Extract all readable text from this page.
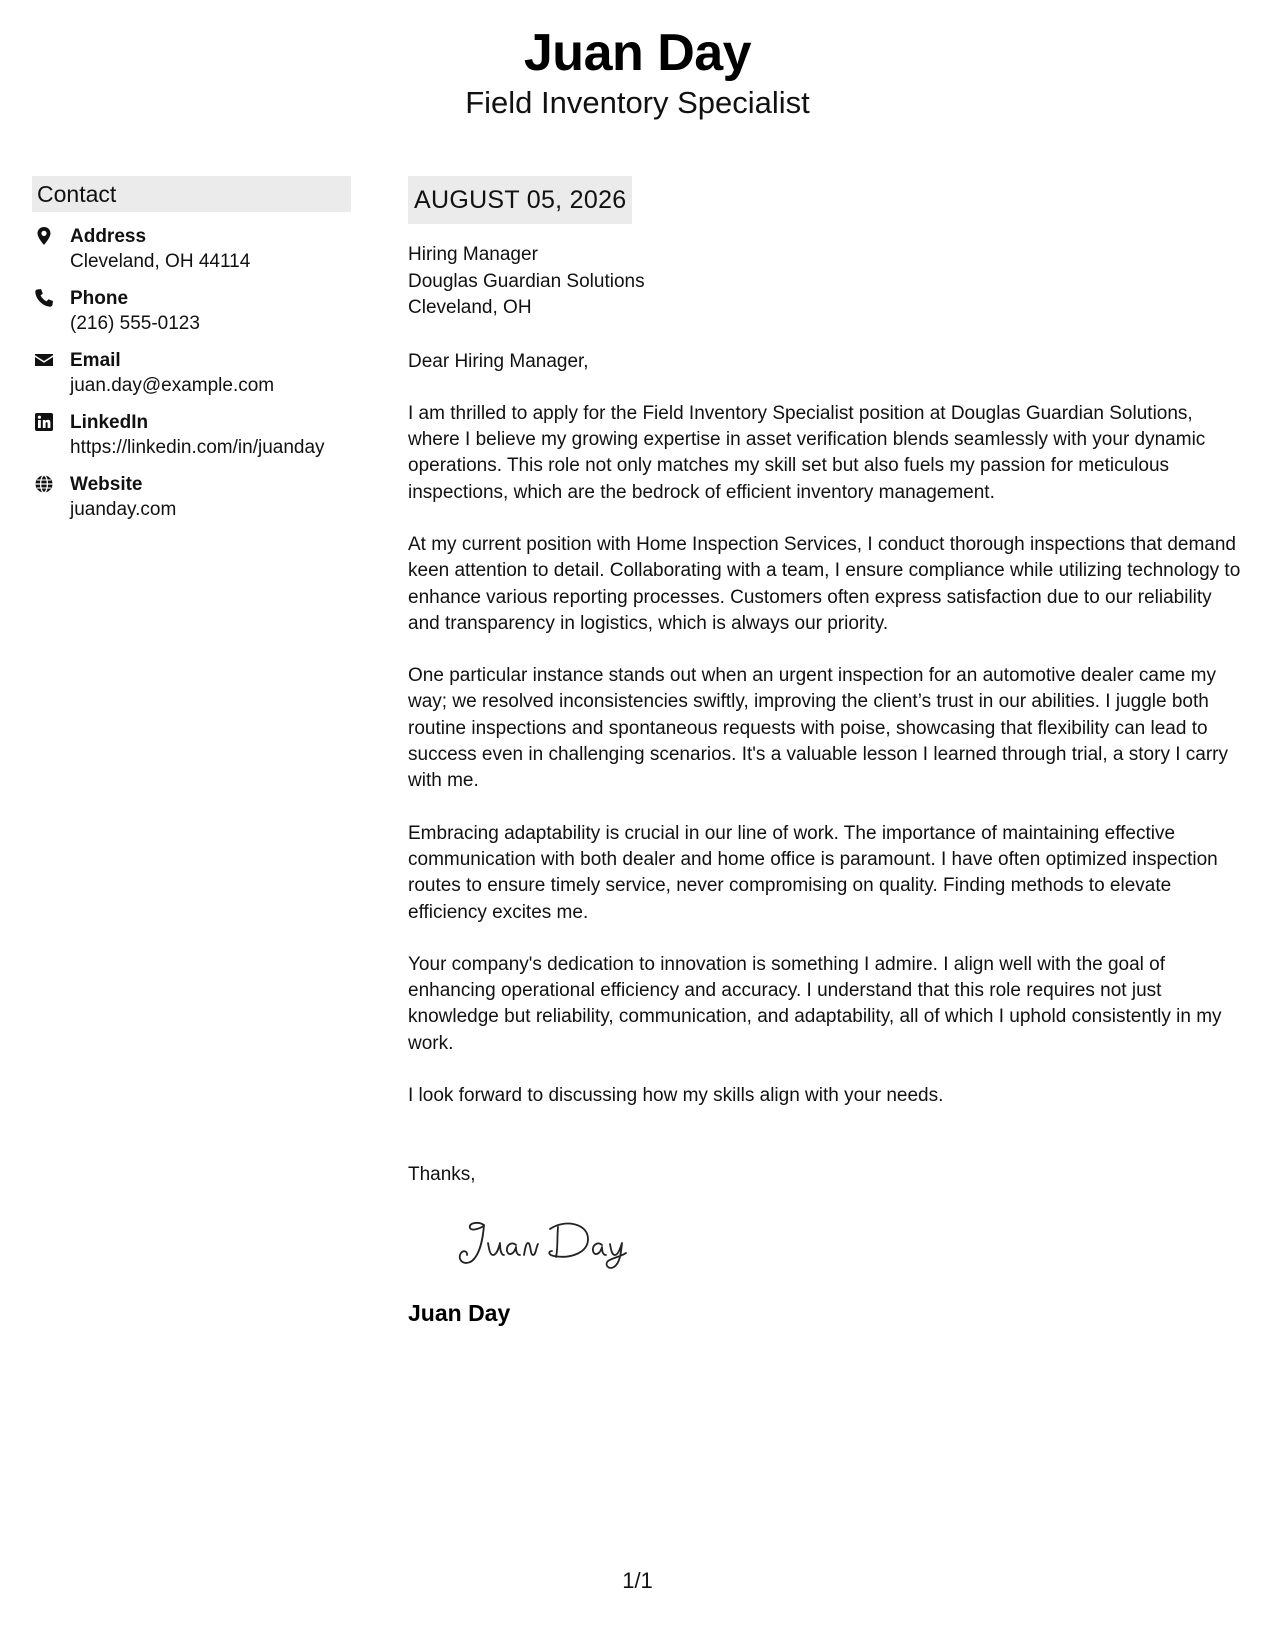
Juan Day
Field Inventory Specialist
Contact
Address
Cleveland, OH 44114
Phone
(216) 555-0123
Email
juan.day@example.com
LinkedIn
https://linkedin.com/in/juanday
Website
juanday.com
AUGUST 05, 2026
Hiring Manager
Douglas Guardian Solutions
Cleveland, OH

Dear Hiring Manager,

I am thrilled to apply for the Field Inventory Specialist position at Douglas Guardian Solutions, where I believe my growing expertise in asset verification blends seamlessly with your dynamic operations. This role not only matches my skill set but also fuels my passion for meticulous inspections, which are the bedrock of efficient inventory management.

At my current position with Home Inspection Services, I conduct thorough inspections that demand keen attention to detail. Collaborating with a team, I ensure compliance while utilizing technology to enhance various reporting processes. Customers often express satisfaction due to our reliability and transparency in logistics, which is always our priority.

One particular instance stands out when an urgent inspection for an automotive dealer came my way; we resolved inconsistencies swiftly, improving the client’s trust in our abilities. I juggle both routine inspections and spontaneous requests with poise, showcasing that flexibility can lead to success even in challenging scenarios. It's a valuable lesson I learned through trial, a story I carry with me.

Embracing adaptability is crucial in our line of work. The importance of maintaining effective communication with both dealer and home office is paramount. I have often optimized inspection routes to ensure timely service, never compromising on quality. Finding methods to elevate efficiency excites me.

Your company's dedication to innovation is something I admire. I align well with the goal of enhancing operational efficiency and accuracy. I understand that this role requires not just knowledge but reliability, communication, and adaptability, all of which I uphold consistently in my work.

I look forward to discussing how my skills align with your needs.

Thanks,

Juan Day
1/1
